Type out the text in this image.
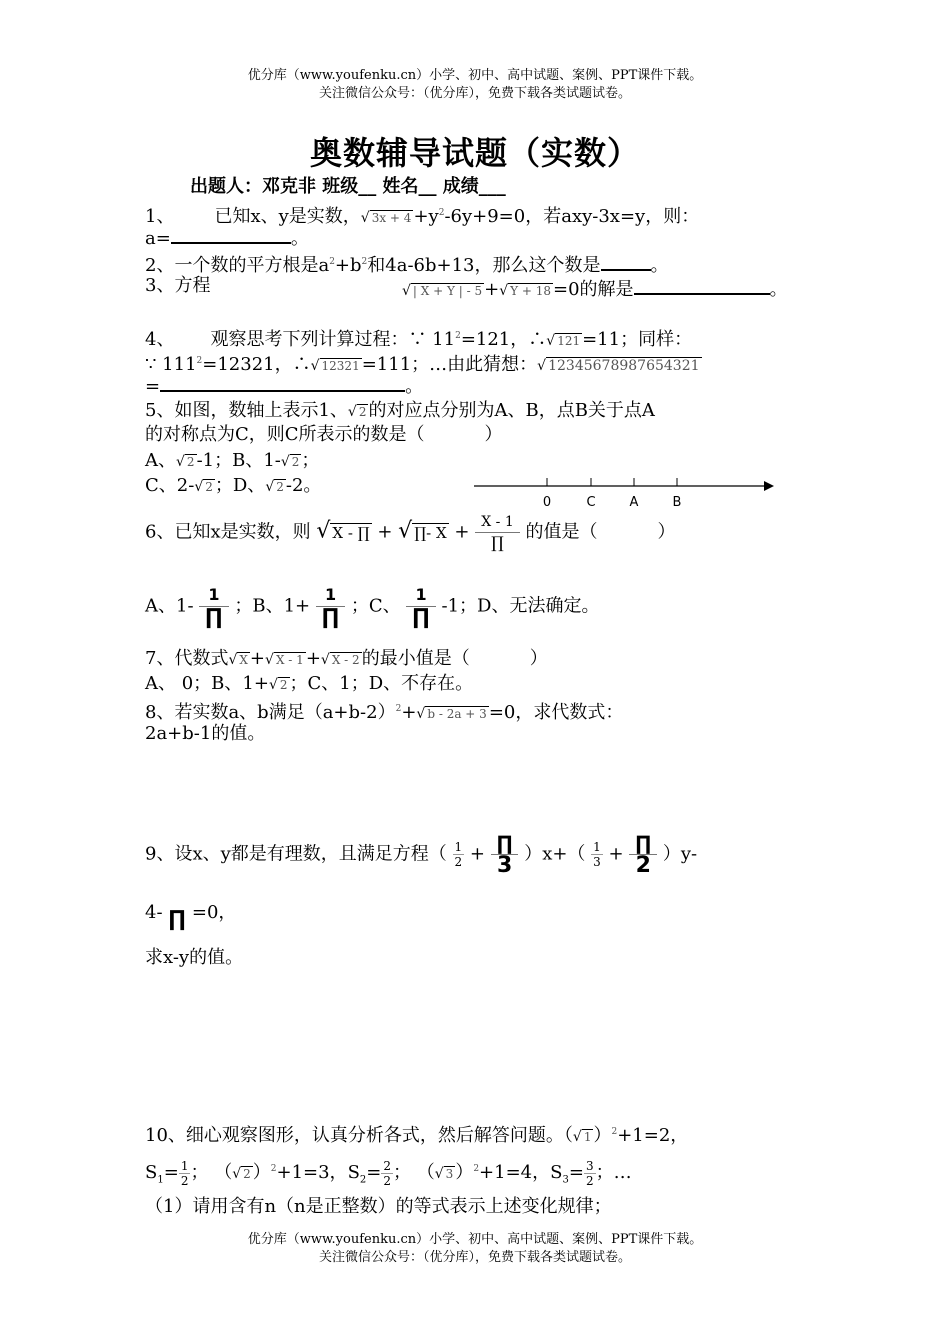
优分库（www.youfenku.cn）小学、初中、高中试题、案例、PPT课件下载。
关注微信公众号：（优分库），免费下载各类试题试卷。
奥数辅导试题（实数）
出题人：邓克非 班级__ 姓名__ 成绩___
1、 已知x、y是实数，√ $3x + 4 +y^2-6y+9=0$，若axy-3x=y，则：
a=	。
2、一个数的平方根是$a^2+b^2$和4a-6b+13，那么这个数是	。
3、方程	√ | X + Y | - 5 +√ Y + 18 =0的解是	。
4、 观察思考下列计算过程：∵ $11^2=121$，∴√ 121 =11；同样：
∵ $111^2=12321$，∴√ 12321 =111；…由此猜想：√ 12345678987654321
=	。
5、如图，数轴上表示1、√ 2 的对应点分别为A、B，点B关于点A
的对称点为C，则C所表示的数是（	）
A、√ 2 -1；B、1-√ 2 ；
C、2-√ 2 ；D、√ 2 -2。
0	C	A	B
6、已知x是实数，则 √ X - ∏ + √ ∏- X + X - 1
∏	的值是（	）
A、1-
1
∏ ；B、1+
1
∏ ；C、
1
∏ -1；D、无法确定。
7、代数式√ X +√ X - 1 +√ X - 2 的最小值是（	）
A、 0；B、1+√ 2 ；C、1；D、不存在。
8、若实数a、b满足$(a+b-2)^2+√$ b - 2a + 3 =0，求代数式：
2a+b-1的值。
9、设x、y都是有理数，且满足方程（ $\frac{1}{2}$ + ∏
3 ）$x+( \frac{1}{3}$ + ∏
2 ）y-
4- ∏ =0，
求x-y的值。
10、细心观察图形，认真分析各式，然后解答问题。（√ 1 ）$^2$+1=2，
$S_1= \frac{1}{2}$ ； （√ 2 ）$^2$+1=3，$S_2= \frac{2}{2}$ ； （√ 3 ）$^2$+1=4，$S_3= \frac{3}{2}$ ；…
（1）请用含有n（n是正整数）的等式表示上述变化规律；
优分库（www.youfenku.cn）小学、初中、高中试题、案例、PPT课件下载。
关注微信公众号：（优分库），免费下载各类试题试卷。
